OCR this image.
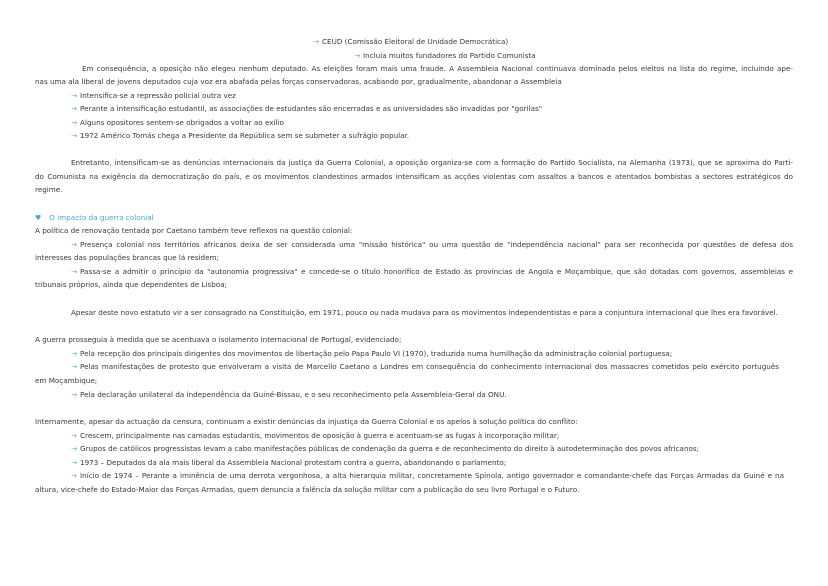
→ CEUD (Comissão Eleitoral de Unidade Democrática)
→ Incluía muitos fundadores do Partido Comunista
Em consequência, a oposição não elegeu nenhum deputado. As eleições foram mais uma fraude. A Assembleia Nacional continuava dominada pelos eleitos na lista do regime, incluindo ape-
nas uma ala liberal de jovens deputados cuja voz era abafada pelas forças conservadoras, acabando por, gradualmente, abandonar a Assembleia
→ Intensifica-se a repressão policial outra vez
→ Perante a intensificação estudantil, as associações de estudantes são encerradas e as universidades são invadidas por "gorilas"
→ Alguns opositores sentem-se obrigados a voltar ao exílio
→ 1972 Américo Tomás chega a Presidente da República sem se submeter a sufrágio popular.
Entretanto, intensificam-se as denúncias internacionais da justiça da Guerra Colonial, a oposição organiza-se com a formação do Partido Socialista, na Alemanha (1973), que se aproxima do Parti-
do Comunista na exigência da democratização do país, e os movimentos clandestinos armados intensificam as acções violentas com assaltos a bancos e atentados bombistas a sectores estratégicos do
regime.
♥ O impacto da guerra colonial
A política de renovação tentada por Caetano também teve reflexos na questão colonial:
→ Presença colonial nos territórios africanos deixa de ser considerada uma "missão histórica" ou uma questão de "independência nacional" para ser reconhecida por questões de defesa dos
interesses das populações brancas que lá residem;
→ Passa-se a admitir o princípio da "autonomia progressiva" e concede-se o título honorífico de Estado às províncias de Angola e Moçambique, que são dotadas com governos, assembleias e
tribunais próprios, ainda que dependentes de Lisboa;
Apesar deste novo estatuto vir a ser consagrado na Constituição, em 1971, pouco ou nada mudava para os movimentos independentistas e para a conjuntura internacional que lhes era favorável.
A guerra prosseguia à medida que se acentuava o isolamento internacional de Portugal, evidenciado;
→ Pela recepção dos principais dirigentes dos movimentos de libertação pelo Papa Paulo VI (1970), traduzida numa humilhação da administração colonial portuguesa;
→ Pelas manifestações de protesto que envolveram a visita de Marcello Caetano a Londres em consequência do conhecimento internacional dos massacres cometidos pelo exército português
em Moçambique;
→ Pela declaração unilateral da independência da Guiné-Bissau, e o seu reconhecimento pela Assembleia-Geral da ONU.
Internamente, apesar da actuação da censura, continuam a existir denúncias da injustiça da Guerra Colonial e os apelos à solução política do conflito:
→ Crescem, principalmente nas camadas estudantis, movimentos de oposição à guerra e acentuam-se as fugas à incorporação militar;
→ Grupos de católicos progressistas levam a cabo manifestações públicas de condenação da guerra e de reconhecimento do direito à autodeterminação dos povos africanos;
→ 1973 – Deputados da ala mais liberal da Assembleia Nacional protestam contra a guerra, abandonando o parlamento;
→ Início de 1974 – Perante a iminência de uma derrota vergonhosa, a alta hierarquia militar, concretamente Spínola, antigo governador e comandante-chefe das Forças Armadas da Guiné e na
altura, vice-chefe do Estado-Maior das Forças Armadas, quem denuncia a falência da solução militar com a publicação do seu livro Portugal e o Futuro.
